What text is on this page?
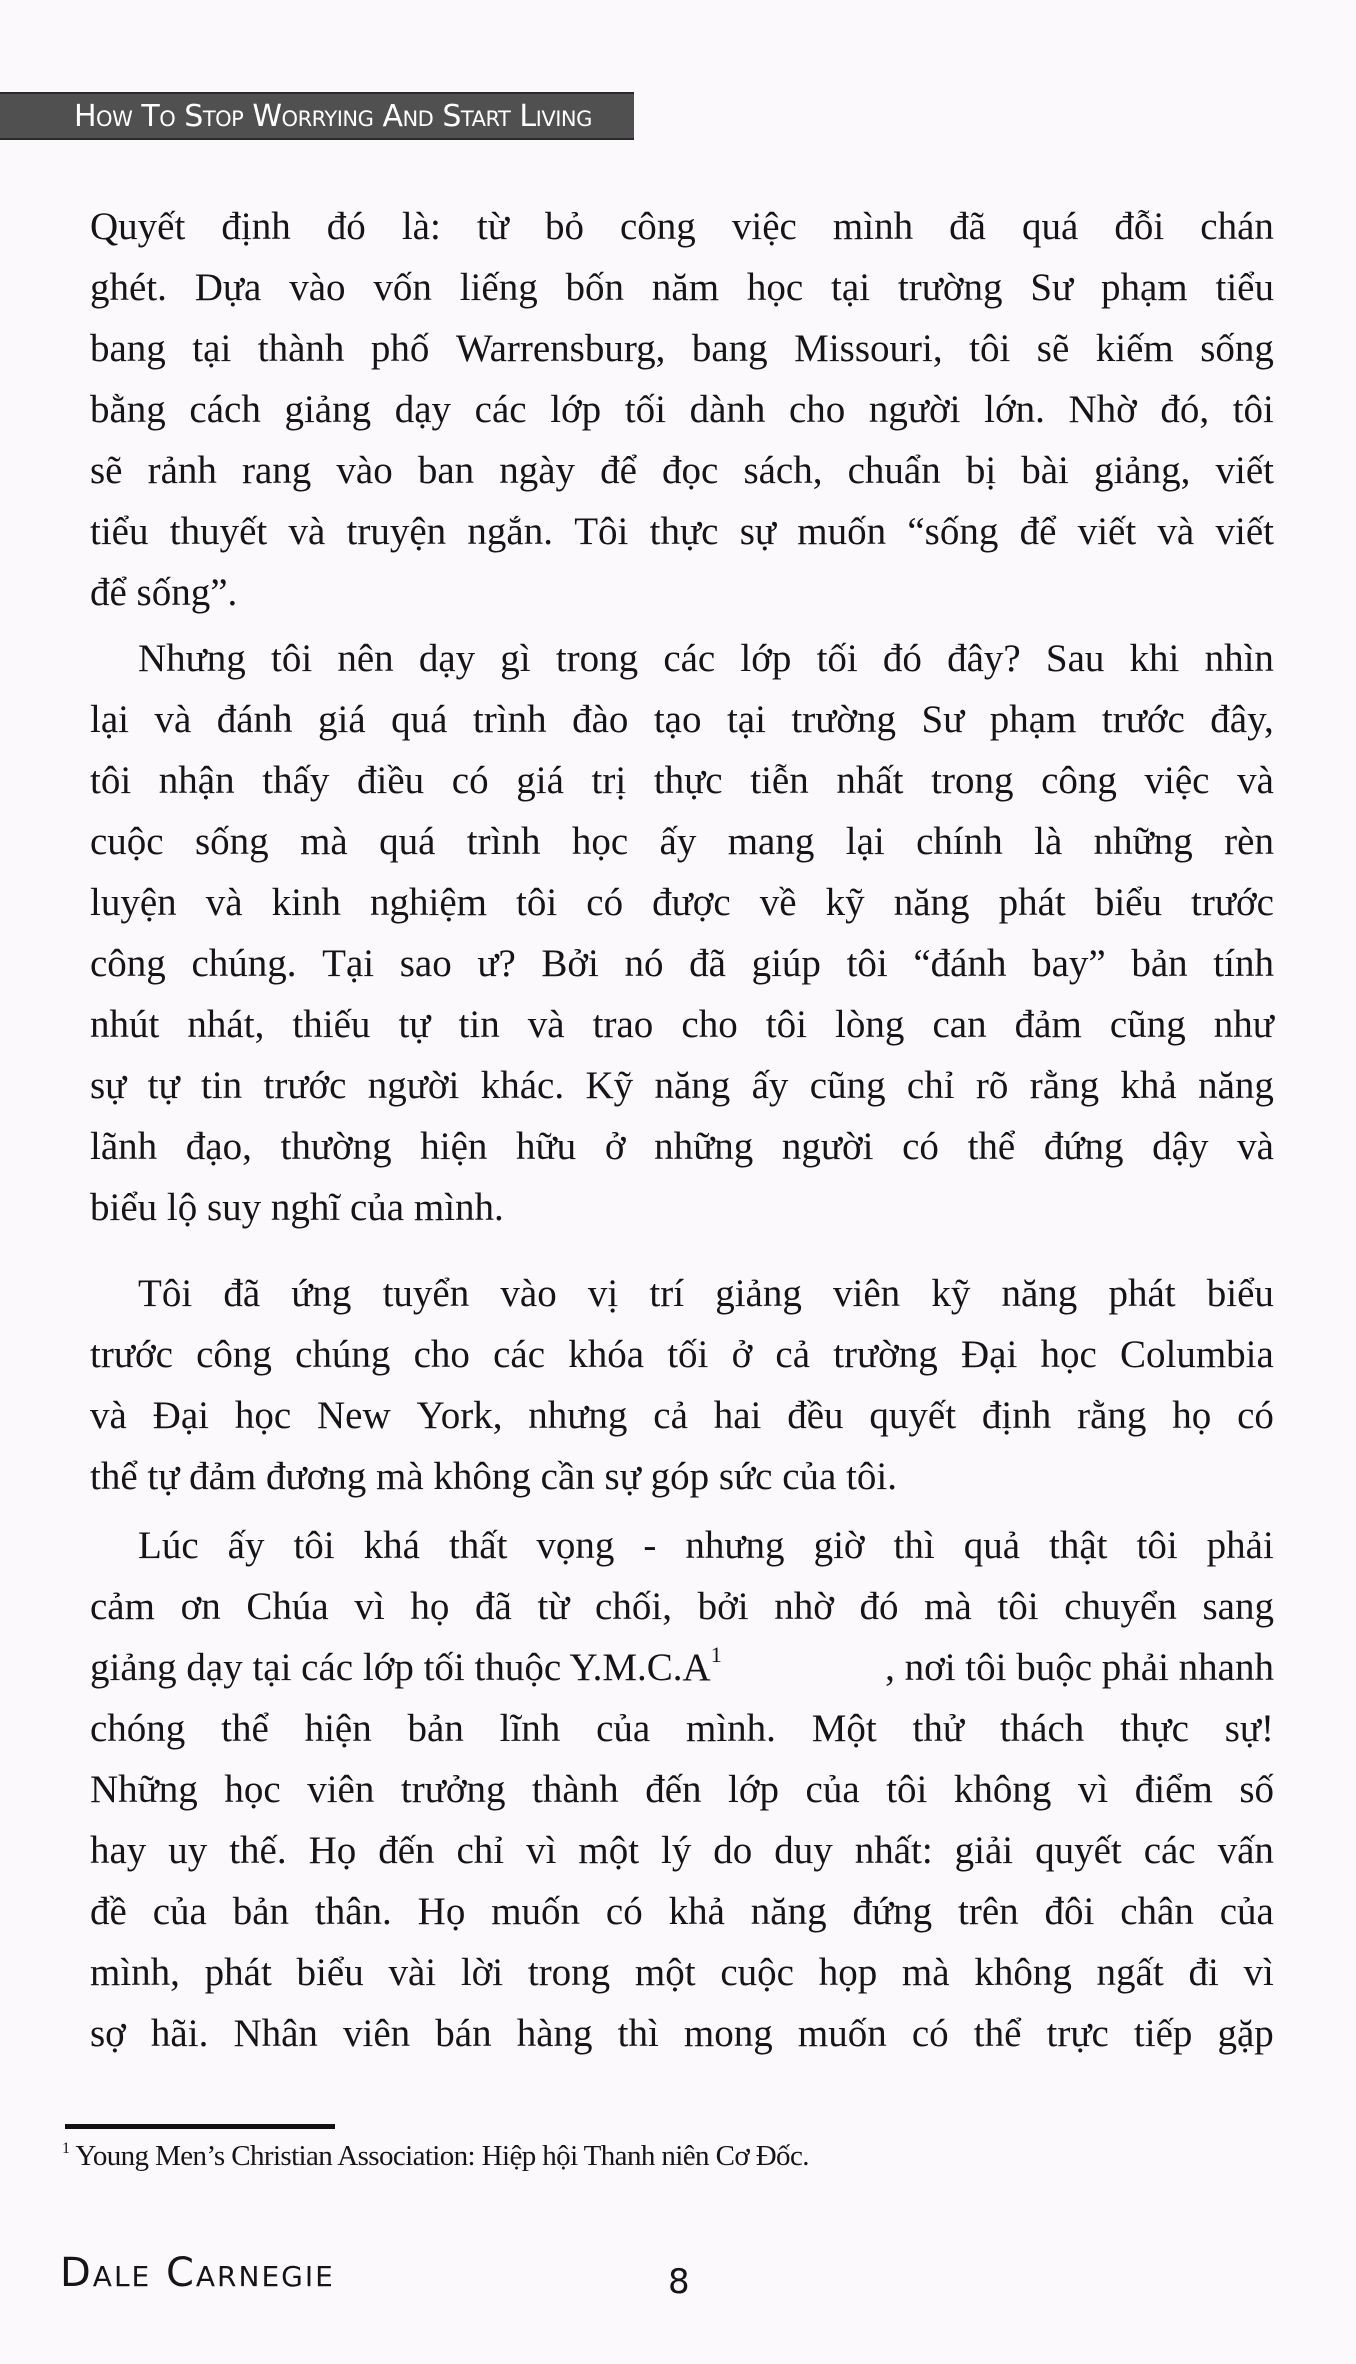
How To Stop Worrying And Start Living
Quyết định đó là: từ bỏ công việc mình đã quá đỗi chán
ghét. Dựa vào vốn liếng bốn năm học tại trường Sư phạm tiểu
bang tại thành phố Warrensburg, bang Missouri, tôi sẽ kiếm sống
bằng cách giảng dạy các lớp tối dành cho người lớn. Nhờ đó, tôi
sẽ rảnh rang vào ban ngày để đọc sách, chuẩn bị bài giảng, viết
tiểu thuyết và truyện ngắn. Tôi thực sự muốn “sống để viết và viết
để sống”.
Nhưng tôi nên dạy gì trong các lớp tối đó đây? Sau khi nhìn
lại và đánh giá quá trình đào tạo tại trường Sư phạm trước đây,
tôi nhận thấy điều có giá trị thực tiễn nhất trong công việc và
cuộc sống mà quá trình học ấy mang lại chính là những rèn
luyện và kinh nghiệm tôi có được về kỹ năng phát biểu trước
công chúng. Tại sao ư? Bởi nó đã giúp tôi “đánh bay” bản tính
nhút nhát, thiếu tự tin và trao cho tôi lòng can đảm cũng như
sự tự tin trước người khác. Kỹ năng ấy cũng chỉ rõ rằng khả năng
lãnh đạo, thường hiện hữu ở những người có thể đứng dậy và
biểu lộ suy nghĩ của mình.
Tôi đã ứng tuyển vào vị trí giảng viên kỹ năng phát biểu
trước công chúng cho các khóa tối ở cả trường Đại học Columbia
và Đại học New York, nhưng cả hai đều quyết định rằng họ có
thể tự đảm đương mà không cần sự góp sức của tôi.
Lúc ấy tôi khá thất vọng - nhưng giờ thì quả thật tôi phải
cảm ơn Chúa vì họ đã từ chối, bởi nhờ đó mà tôi chuyển sang
giảng dạy tại các lớp tối thuộc $Y.M.C.A^1$	, nơi tôi buộc phải nhanh
chóng thể hiện bản lĩnh của mình. Một thử thách thực sự!
Những học viên trưởng thành đến lớp của tôi không vì điểm số
hay uy thế. Họ đến chỉ vì một lý do duy nhất: giải quyết các vấn
đề của bản thân. Họ muốn có khả năng đứng trên đôi chân của
mình, phát biểu vài lời trong một cuộc họp mà không ngất đi vì
sợ hãi. Nhân viên bán hàng thì mong muốn có thể trực tiếp gặp
$^1$ Young Men’s Christian Association: Hiệp hội Thanh niên Cơ Đốc.
Dale Carnegie	8
